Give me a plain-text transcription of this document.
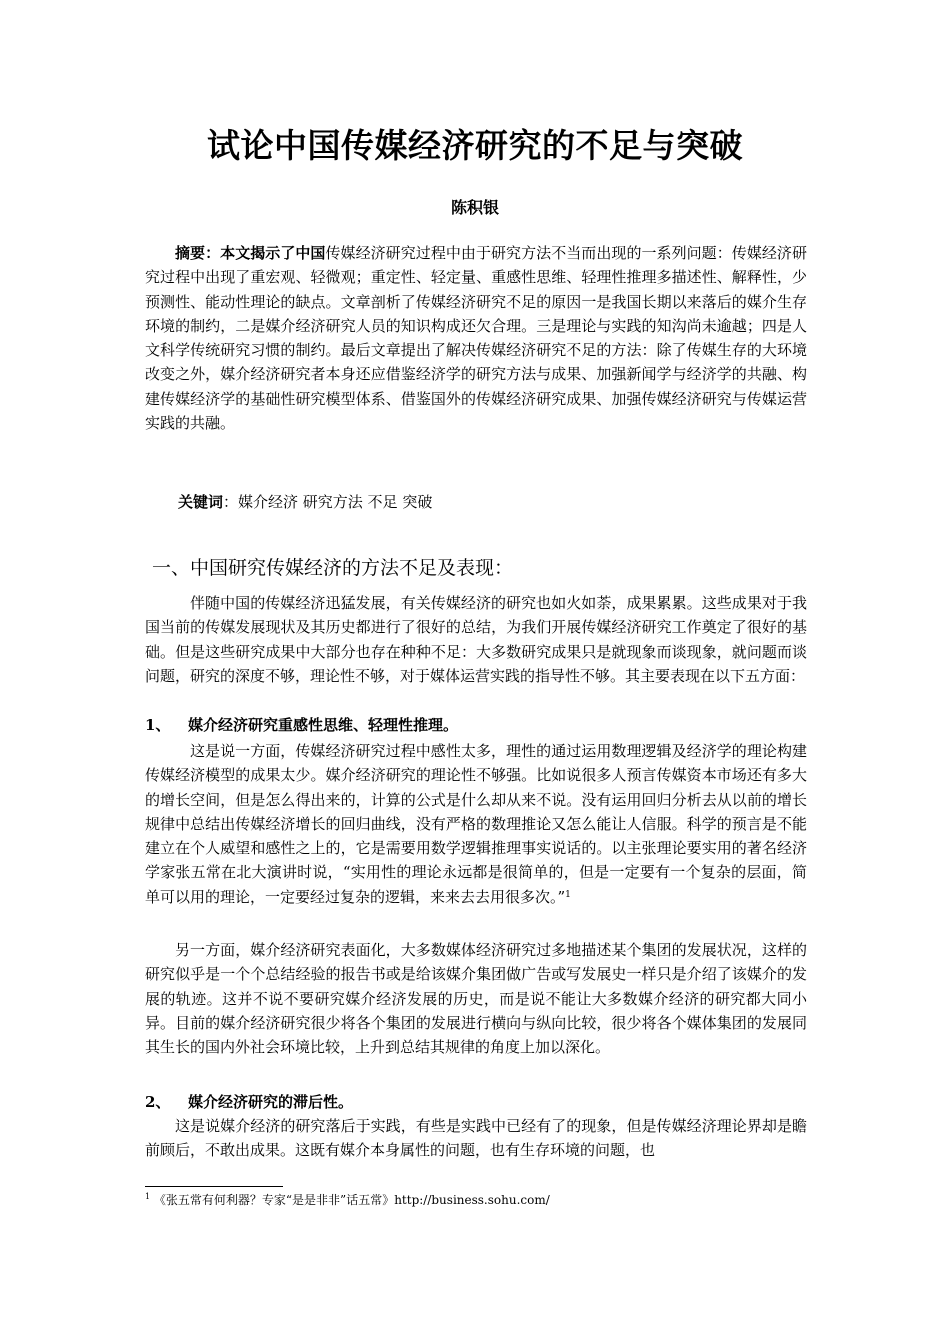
试论中国传媒经济研究的不足与突破
陈积银
摘要：本文揭示了中国传媒经济研究过程中由于研究方法不当而出现的一系列问题：传媒经济研究过程中出现了重宏观、轻微观；重定性、轻定量、重感性思维、轻理性推理多描述性、解释性，少预测性、能动性理论的缺点。文章剖析了传媒经济研究不足的原因一是我国长期以来落后的媒介生存环境的制约，二是媒介经济研究人员的知识构成还欠合理。三是理论与实践的知沟尚未逾越；四是人文科学传统研究习惯的制约。最后文章提出了解决传媒经济研究不足的方法：除了传媒生存的大环境改变之外，媒介经济研究者本身还应借鉴经济学的研究方法与成果、加强新闻学与经济学的共融、构建传媒经济学的基础性研究模型体系、借鉴国外的传媒经济研究成果、加强传媒经济研究与传媒运营实践的共融。
关键词：媒介经济 研究方法 不足 突破
一、中国研究传媒经济的方法不足及表现：
伴随中国的传媒经济迅猛发展，有关传媒经济的研究也如火如荼，成果累累。这些成果对于我国当前的传媒发展现状及其历史都进行了很好的总结，为我们开展传媒经济研究工作奠定了很好的基础。但是这些研究成果中大部分也存在种种不足：大多数研究成果只是就现象而谈现象，就问题而谈问题，研究的深度不够，理论性不够，对于媒体运营实践的指导性不够。其主要表现在以下五方面：

1、 媒介经济研究重感性思维、轻理性推理。

这是说一方面，传媒经济研究过程中感性太多，理性的通过运用数理逻辑及经济学的理论构建传媒经济模型的成果太少。媒介经济研究的理论性不够强。比如说很多人预言传媒资本市场还有多大的增长空间，但是怎么得出来的，计算的公式是什么却从来不说。没有运用回归分析去从以前的增长规律中总结出传媒经济增长的回归曲线，没有严格的数理推论又怎么能让人信服。科学的预言是不能建立在个人威望和感性之上的，它是需要用数学逻辑推理事实说话的。以主张理论要实用的著名经济学家张五常在北大演讲时说，“实用性的理论永远都是很简单的，但是一定要有一个复杂的层面，简单可以用的理论，一定要经过复杂的逻辑，来来去去用很多次。”$^1$
另一方面，媒介经济研究表面化，大多数媒体经济研究过多地描述某个集团的发展状况，这样的研究似乎是一个个总结经验的报告书或是给该媒介集团做广告或写发展史一样只是介绍了该媒介的发展的轨迹。这并不说不要研究媒介经济发展的历史，而是说不能让大多数媒介经济的研究都大同小异。目前的媒介经济研究很少将各个集团的发展进行横向与纵向比较，很少将各个媒体集团的发展同其生长的国内外社会环境比较，上升到总结其规律的角度上加以深化。

2、 媒介经济研究的滞后性。

这是说媒介经济的研究落后于实践，有些是实践中已经有了的现象，但是传媒经济理论界却是瞻前顾后，不敢出成果。这既有媒介本身属性的问题，也有生存环境的问题，也
$^1$ 《张五常有何利器？专家“是是非非”话五常》http://business.sohu.com/
